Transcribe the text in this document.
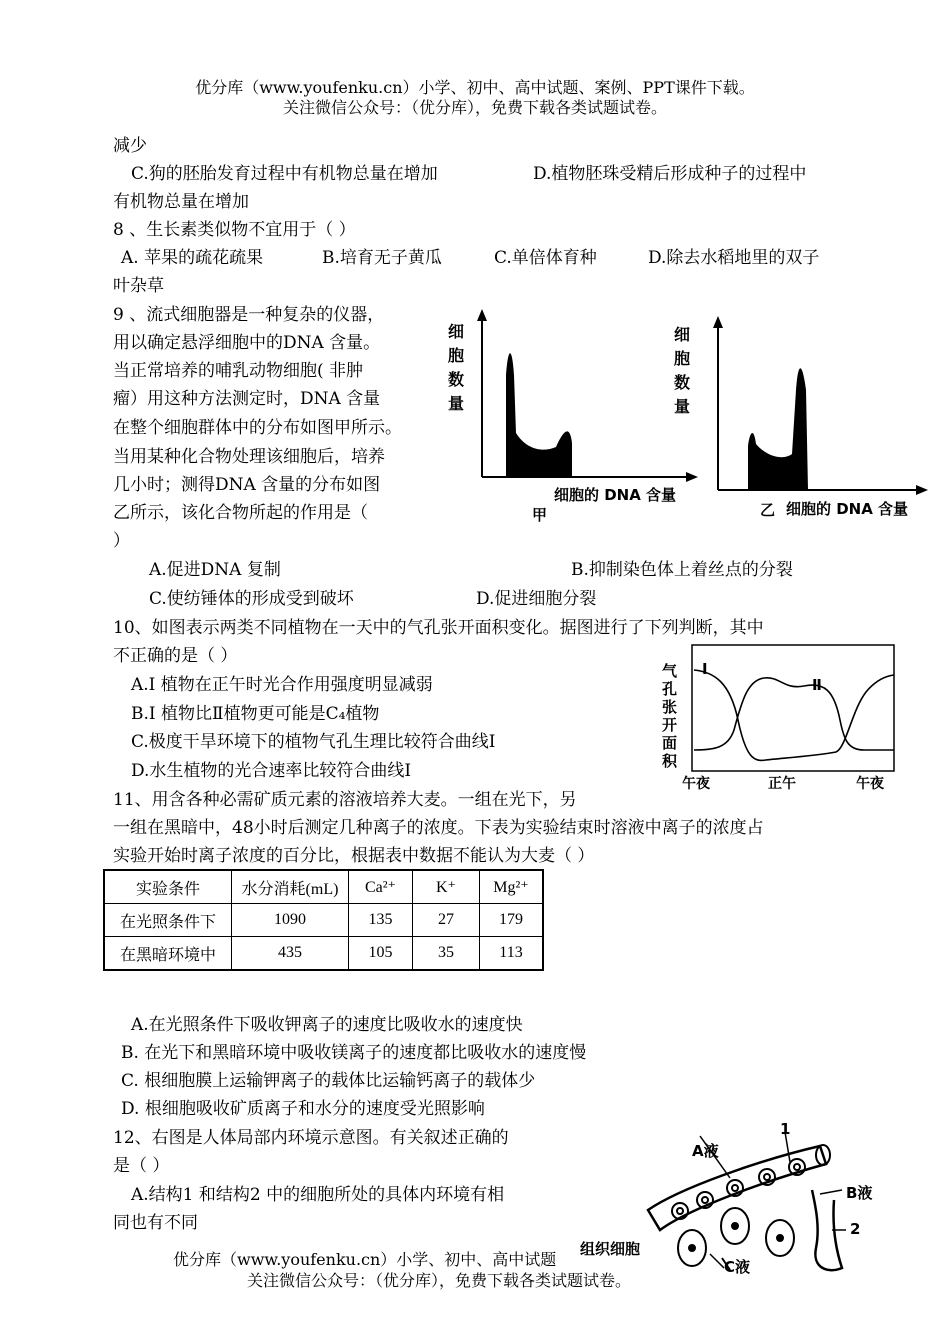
优分库（www.youfenku.cn）小学、初中、高中试题、案例、PPT课件下载。
关注微信公众号：（优分库），免费下载各类试题试卷。
减少
C.狗的胚胎发育过程中有机物总量在增加	D.植物胚珠受精后形成种子的过程中
有机物总量在增加
8 、生长素类似物不宜用于（ ）
A. 苹果的疏花疏果	B.培育无子黄瓜	C.单倍体育种	D.除去水稻地里的双子
叶杂草
9 、流式细胞器是一种复杂的仪器，
用以确定悬浮细胞中的DNA 含量。
当正常培养的哺乳动物细胞( 非肿
瘤）用这种方法测定时，DNA 含量
在整个细胞群体中的分布如图甲所示。
当用某种化合物处理该细胞后，培养
几小时；测得DNA 含量的分布如图
乙所示，该化合物所起的作用是（
）
细
胞
数
量
细胞的 DNA 含量
甲
细
胞
数
量
乙 细胞的 DNA 含量
A.促进DNA 复制	B.抑制染色体上着丝点的分裂
C.使纺锤体的形成受到破坏	D.促进细胞分裂
10、如图表示两类不同植物在一天中的气孔张开面积变化。据图进行了下列判断，其中
不正确的是（ ）
A.Ⅰ 植物在正午时光合作用强度明显减弱
B.Ⅰ 植物比Ⅱ植物更可能是C₄植物
C.极度干旱环境下的植物气孔生理比较符合曲线Ⅰ
D.水生植物的光合速率比较符合曲线Ⅰ
I
Ⅱ
气
孔
张
开
面
积
午夜	正午	午夜
11、用含各种必需矿质元素的溶液培养大麦。一组在光下，另
一组在黑暗中，48小时后测定几种离子的浓度。下表为实验结束时溶液中离子的浓度占
实验开始时离子浓度的百分比，根据表中数据不能认为大麦（ ）
实验条件	水分消耗(mL)	Ca²⁺	K⁺	Mg²⁺
在光照条件下	1090	135	27	179
在黑暗环境中	435	105	35	113
A.在光照条件下吸收钾离子的速度比吸收水的速度快
B. 在光下和黑暗环境中吸收镁离子的速度都比吸收水的速度慢
C. 根细胞膜上运输钾离子的载体比运输钙离子的载体少
D. 根细胞吸收矿质离子和水分的速度受光照影响
12、右图是人体局部内环境示意图。有关叙述正确的
是（ ）
A.结构1 和结构2 中的细胞所处的具体内环境有相
同也有不同
A液
1
B液
2
组织细胞
C液
优分库（www.youfenku.cn）小学、初中、高中试题
关注微信公众号：（优分库），免费下载各类试题试卷。
